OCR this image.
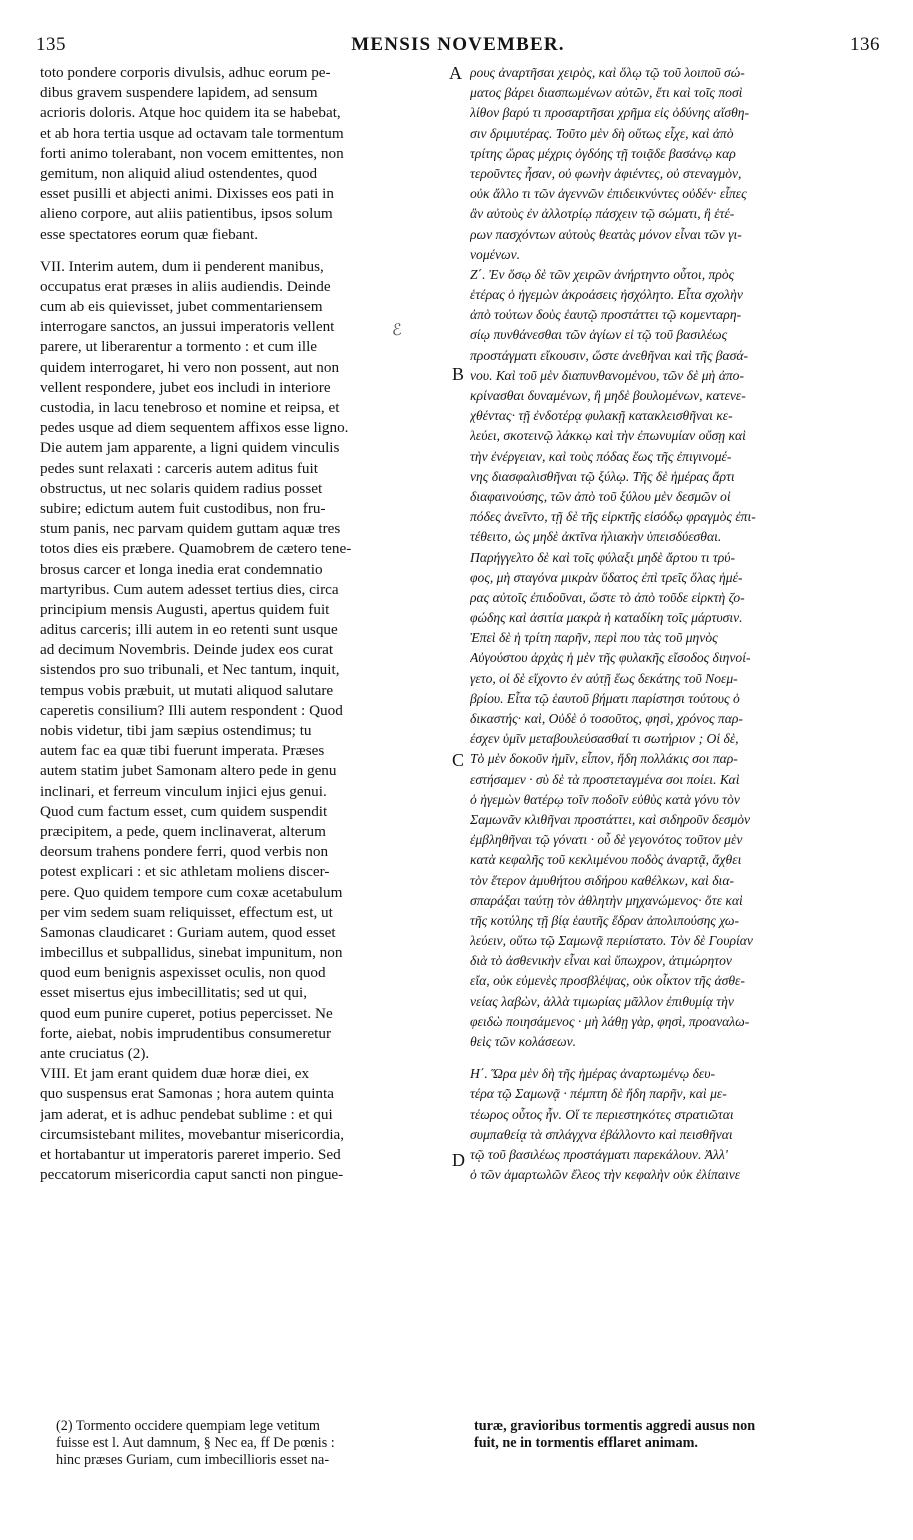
135	MENSIS NOVEMBER.	136
toto pondere corporis divulsis, adhuc eorum pe-
dibus gravem suspendere lapidem, ad sensum
acrioris doloris. Atque hoc quidem ita se habebat,
et ab hora tertia usque ad octavam tale tormentum
forti animo tolerabant, non vocem emittentes, non
gemitum, non aliquid aliud ostendentes, quod
esset pusilli et abjecti animi. Dixisses eos pati in
alieno corpore, aut aliis patientibus, ipsos solum
esse spectatores eorum quæ fiebant.
VII. Interim autem, dum ii penderent manibus,
occupatus erat præses in aliis audiendis. Deinde
cum ab eis quievisset, jubet commentariensem
interrogare sanctos, an jussui imperatoris vellent
parere, ut liberarentur a tormento : et cum ille
quidem interrogaret, hi vero non possent, aut non
vellent respondere, jubet eos includi in interiore
custodia, in lacu tenebroso et nomine et reipsa, et
pedes usque ad diem sequentem affixos esse ligno.
Die autem jam apparente, a ligni quidem vinculis
pedes sunt relaxati : carceris autem aditus fuit
obstructus, ut nec solaris quidem radius posset
subire; edictum autem fuit custodibus, non fru-
stum panis, nec parvam quidem guttam aquæ tres
totos dies eis præbere. Quamobrem de cætero tene-
brosus carcer et longa inedia erat condemnatio
martyribus. Cum autem adesset tertius dies, circa
principium mensis Augusti, apertus quidem fuit
aditus carceris; illi autem in eo retenti sunt usque
ad decimum Novembris. Deinde judex eos curat
sistendos pro suo tribunali, et Nec tantum, inquit,
tempus vobis præbuit, ut mutati aliquod salutare
caperetis consilium? Illi autem respondent : Quod
nobis videtur, tibi jam sæpius ostendimus; tu
autem fac ea quæ tibi fuerunt imperata. Præses
autem statim jubet Samonam altero pede in genu
inclinari, et ferreum vinculum injici ejus genui.
Quod cum factum esset, cum quidem suspendit
præcipitem, a pede, quem inclinaverat, alterum
deorsum trahens pondere ferri, quod verbis non
potest explicari : et sic athletam moliens discer-
pere. Quo quidem tempore cum coxæ acetabulum
per vim sedem suam reliquisset, effectum est, ut
Samonas claudicaret : Guriam autem, quod esset
imbecillus et subpallidus, sinebat impunitum, non
quod eum benignis aspexisset oculis, non quod
esset misertus ejus imbecillitatis; sed ut qui,
quod eum punire cuperet, potius pepercisset. Ne
forte, aiebat, nobis imprudentibus consumeretur
ante cruciatus (2).
VIII. Et jam erant quidem duæ horæ diei, ex
quo suspensus erat Samonas ; hora autem quinta
jam aderat, et is adhuc pendebat sublime : et qui
circumsistebant milites, movebantur misericordia,
et hortabantur ut imperatoris pareret imperio. Sed
peccatorum misericordia caput sancti non pingue-
ρους ἀναρτῆσαι χειρὸς, καὶ ὅλῳ τῷ τοῦ λοιποῦ σώ-
ματος βάρει διασπωμένων αὐτῶν, ἔτι καὶ τοῖς ποσὶ
λίθον βαρύ τι προσαρτῆσαι χρῆμα εἰς ὀδύνης αἴσθη-
σιν δριμυτέρας. Τοῦτο μὲν δὴ οὕτως εἶχε, καὶ ἀπὸ
τρίτης ὥρας μέχρις ὀγδόης τῇ τοιᾷδε βασάνῳ καρ
τεροῦντες ἦσαν, οὐ φωνὴν ἀφιέντες, οὐ στεναγμὸν,
οὐκ ἄλλο τι τῶν ἀγεννῶν ἐπιδεικνύντες οὐδέν· εἶπες
ἂν αὐτοὺς ἐν ἀλλοτρίῳ πάσχειν τῷ σώματι, ἢ ἑτέ-
ρων πασχόντων αὐτοὺς θεατὰς μόνον εἶναι τῶν γι-
νομένων.
Ζ΄. Ἐν ὅσῳ δὲ τῶν χειρῶν ἀνήρτηντο οὗτοι, πρὸς
ἑτέρας ὁ ἡγεμὼν ἀκροάσεις ἠσχόλητο. Εἶτα σχολὴν
ἀπὸ τούτων δοὺς ἑαυτῷ προστάττει τῷ κομενταρη-
σίῳ πυνθάνεσθαι τῶν ἁγίων εἰ τῷ τοῦ βασιλέως
προστάγματι εἴκουσιν, ὥστε ἀνεθῆναι καὶ τῆς βασά-
νου. Καὶ τοῦ μὲν διαπυνθανομένου, τῶν δὲ μὴ ἀπο-
κρίνασθαι δυναμένων, ἢ μηδὲ βουλομένων, κατενε-
χθέντας· τῇ ἐνδοτέρᾳ φυλακῇ κατακλεισθῆναι κε-
λεύει, σκοτεινῷ λάκκῳ καὶ τὴν ἐπωνυμίαν οὔσῃ καὶ
τὴν ἐνέργειαν, καὶ τοὺς πόδας ἕως τῆς ἐπιγινομέ-
νης διασφαλισθῆναι τῷ ξύλῳ. Τῆς δὲ ἡμέρας ἄρτι
διαφαινούσης, τῶν ἀπὸ τοῦ ξύλου μὲν δεσμῶν οἱ
πόδες ἀνεῖντο, τῇ δὲ τῆς εἱρκτῆς εἰσόδῳ φραγμὸς ἐπι-
τέθειτο, ὡς μηδὲ ἀκτῖνα ἡλιακὴν ὑπεισδύεσθαι.
Παρήγγελτο δὲ καὶ τοῖς φύλαξι μηδὲ ἄρτου τι τρύ-
φος, μὴ σταγόνα μικρὰν ὕδατος ἐπὶ τρεῖς ὅλας ἡμέ-
ρας αὐτοῖς ἐπιδοῦναι, ὥστε τὸ ἀπὸ τοῦδε εἱρκτὴ ζο-
φώδης καὶ ἀσιτία μακρὰ ἡ καταδίκη τοῖς μάρτυσιν.
Ἐπεὶ δὲ ἡ τρίτη παρῆν, περὶ που τὰς τοῦ μηνὸς
Αὐγούστου ἀρχὰς ἡ μὲν τῆς φυλακῆς εἴσοδος διηνοί-
γετο, οἱ δὲ εἴχοντο ἐν αὐτῇ ἕως δεκάτης τοῦ Νοεμ-
βρίου. Εἶτα τῷ ἑαυτοῦ βήματι παρίστησι τούτους ὁ
δικαστής· καὶ, Οὐδὲ ὁ τοσοῦτος, φησὶ, χρόνος παρ-
έσχεν ὑμῖν μεταβουλεύσασθαί τι σωτήριον ; Οἱ δὲ,
Τὸ μὲν δοκοῦν ἡμῖν, εἶπον, ἤδη πολλάκις σοι παρ-
εστήσαμεν · σὺ δὲ τὰ προστεταγμένα σοι ποίει. Καὶ
ὁ ἡγεμὼν θατέρῳ τοῖν ποδοῖν εὐθὺς κατὰ γόνυ τὸν
Σαμωνᾶν κλιθῆναι προστάττει, καὶ σιδηροῦν δεσμὸν
ἐμβληθῆναι τῷ γόνατι · οὗ δὲ γεγονότος τοῦτον μὲν
κατὰ κεφαλῆς τοῦ κεκλιμένου ποδὸς ἀναρτᾷ, ἄχθει
τὸν ἕτερον ἀμυθήτου σιδήρου καθέλκων, καὶ δια-
σπαράξαι ταύτῃ τὸν ἀθλητὴν μηχανώμενος· ὅτε καὶ
τῆς κοτύλης τῇ βίᾳ ἑαυτῆς ἕδραν ἀπολιπούσης χω-
λεύειν, οὕτω τῷ Σαμωνᾷ περιίστατο. Τὸν δὲ Γουρίαν
διὰ τὸ ἀσθενικὴν εἶναι καὶ ὕπωχρον, ἀτιμώρητον
εἴα, οὐκ εὐμενὲς προσβλέψας, οὐκ οἶκτον τῆς ἀσθε-
νείας λαβὼν, ἀλλὰ τιμωρίας μᾶλλον ἐπιθυμίᾳ τὴν
φειδὼ ποιησάμενος · μὴ λάθῃ γὰρ, φησὶ, προαναλω-
θεὶς τῶν κολάσεων.
Η΄. Ὥρα μὲν δὴ τῆς ἡμέρας ἀναρτωμένῳ δευ-
τέρα τῷ Σαμωνᾷ · πέμπτη δὲ ἤδη παρῆν, καὶ με-
τέωρος οὗτος ἦν. Οἵ τε περιεστηκότες στρατιῶται
συμπαθείᾳ τὰ σπλάγχνα ἐβάλλοντο καὶ πεισθῆναι
τῷ τοῦ βασιλέως προστάγματι παρεκάλουν. Ἀλλ'
ὁ τῶν ἁμαρτωλῶν ἔλεος τὴν κεφαλὴν οὐκ ἐλίπαινε
A
B
C
D
ℰ
(2) Tormento occidere quempiam lege vetitum
fuisse est l. Aut damnum, § Nec ea, ff De pœnis :
hinc præses Guriam, cum imbecillioris esset na-
turæ, gravioribus tormentis aggredi ausus non
fuit, ne in tormentis efflaret animam.
